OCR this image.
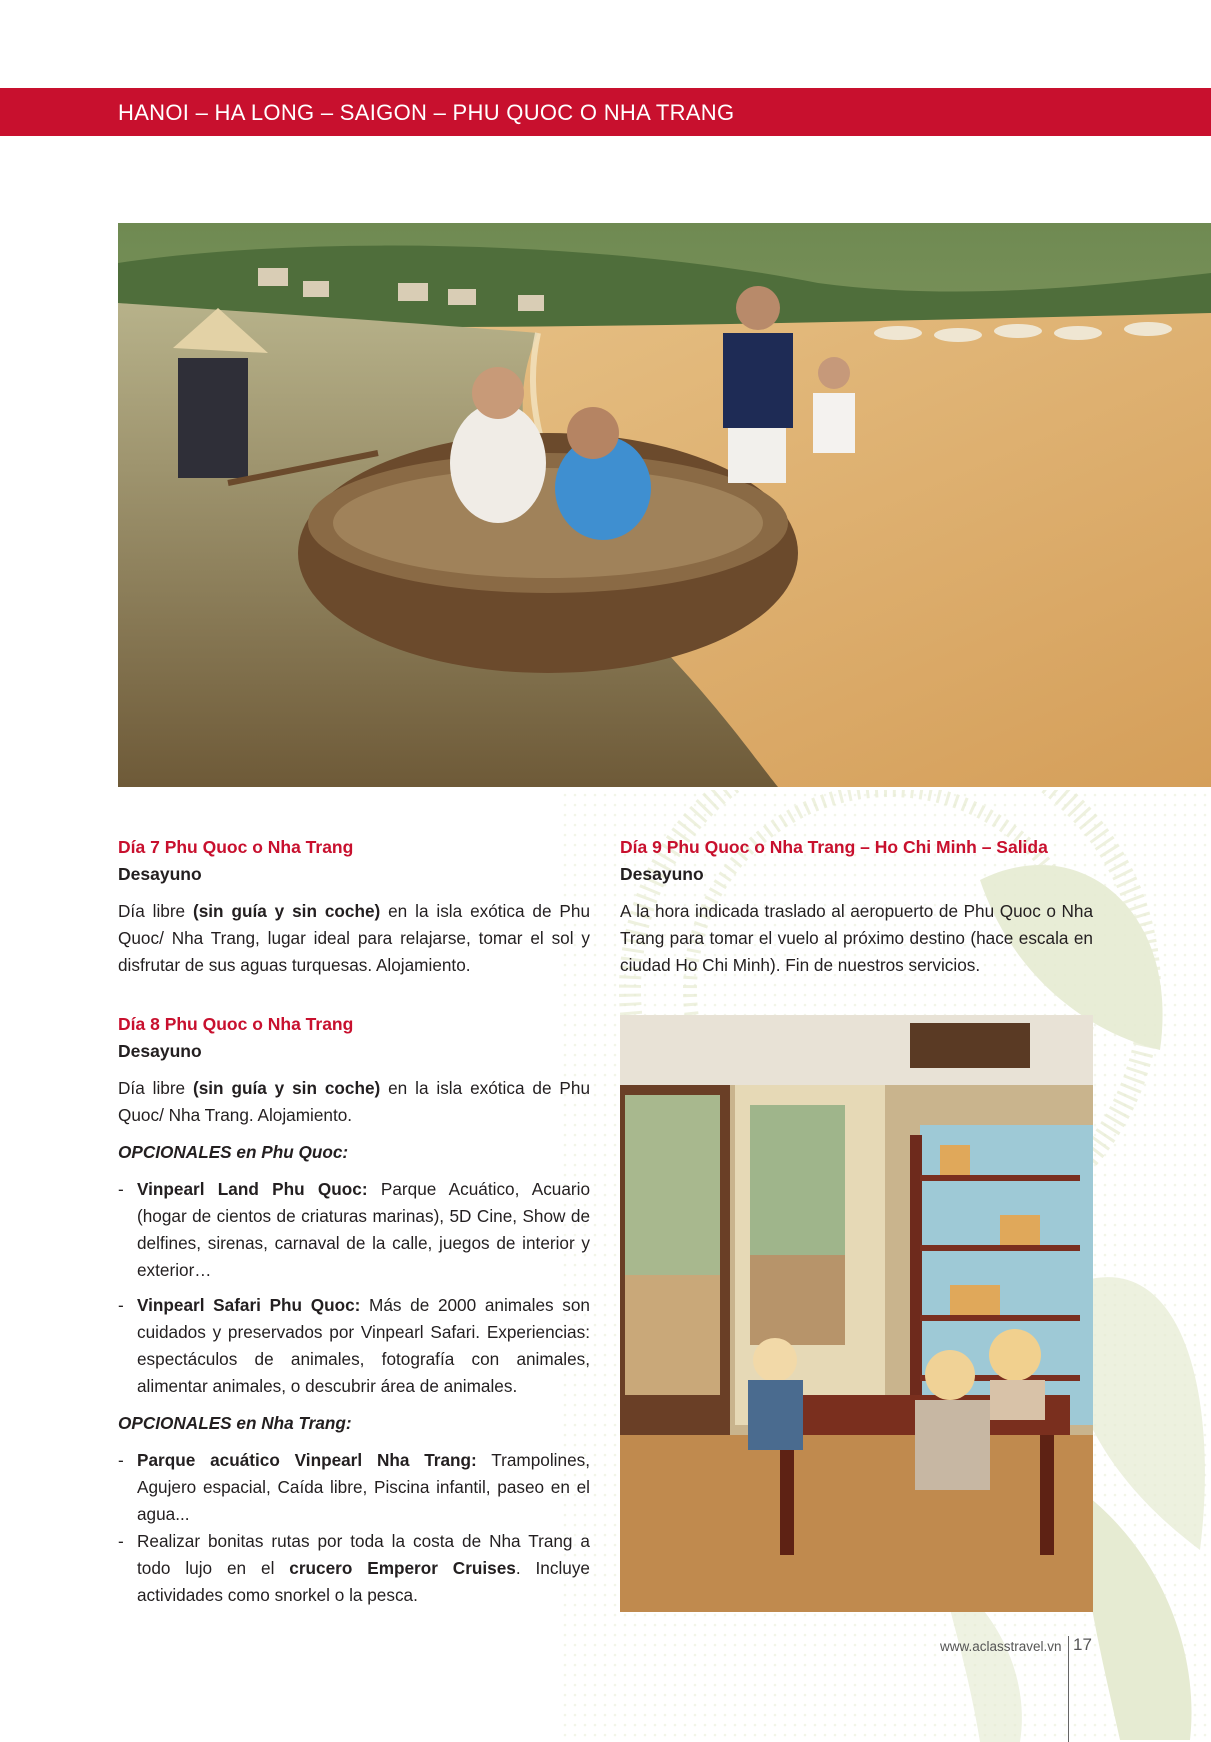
HANOI – HA LONG – SAIGON – PHU QUOC O NHA TRANG
Día 7 Phu Quoc o Nha Trang
Desayuno

Día libre (sin guía y sin coche) en la isla exótica de Phu Quoc/ Nha Trang, lugar ideal para relajarse, tomar el sol y disfrutar de sus aguas turquesas. Alojamiento.

Día 8 Phu Quoc o Nha Trang
Desayuno

Día libre (sin guía y sin coche) en la isla exótica de Phu Quoc/ Nha Trang. Alojamiento.

OPCIONALES en Phu Quoc:
- Vinpearl Land Phu Quoc: Parque Acuático, Acuario (hogar de cientos de criaturas marinas), 5D Cine, Show de delfines, sirenas, carnaval de la calle, juegos de interior y exterior…
- Vinpearl Safari Phu Quoc: Más de 2000 animales son cuidados y preservados por Vinpearl Safari. Experiencias: espectáculos de animales, fotografía con animales, alimentar animales, o descubrir área de animales.
OPCIONALES en Nha Trang:
- Parque acuático Vinpearl Nha Trang: Trampolines, Agujero espacial, Caída libre, Piscina infantil, paseo en el agua...
- Realizar bonitas rutas por toda la costa de Nha Trang a todo lujo en el crucero Emperor Cruises. Incluye actividades como snorkel o la pesca.
Día 9 Phu Quoc o Nha Trang – Ho Chi Minh – Salida
Desayuno

A la hora indicada traslado al aeropuerto de Phu Quoc o Nha Trang para tomar el vuelo al próximo destino (hace escala en ciudad Ho Chi Minh). Fin de nuestros servicios.

www.aclasstravel.vn 17
